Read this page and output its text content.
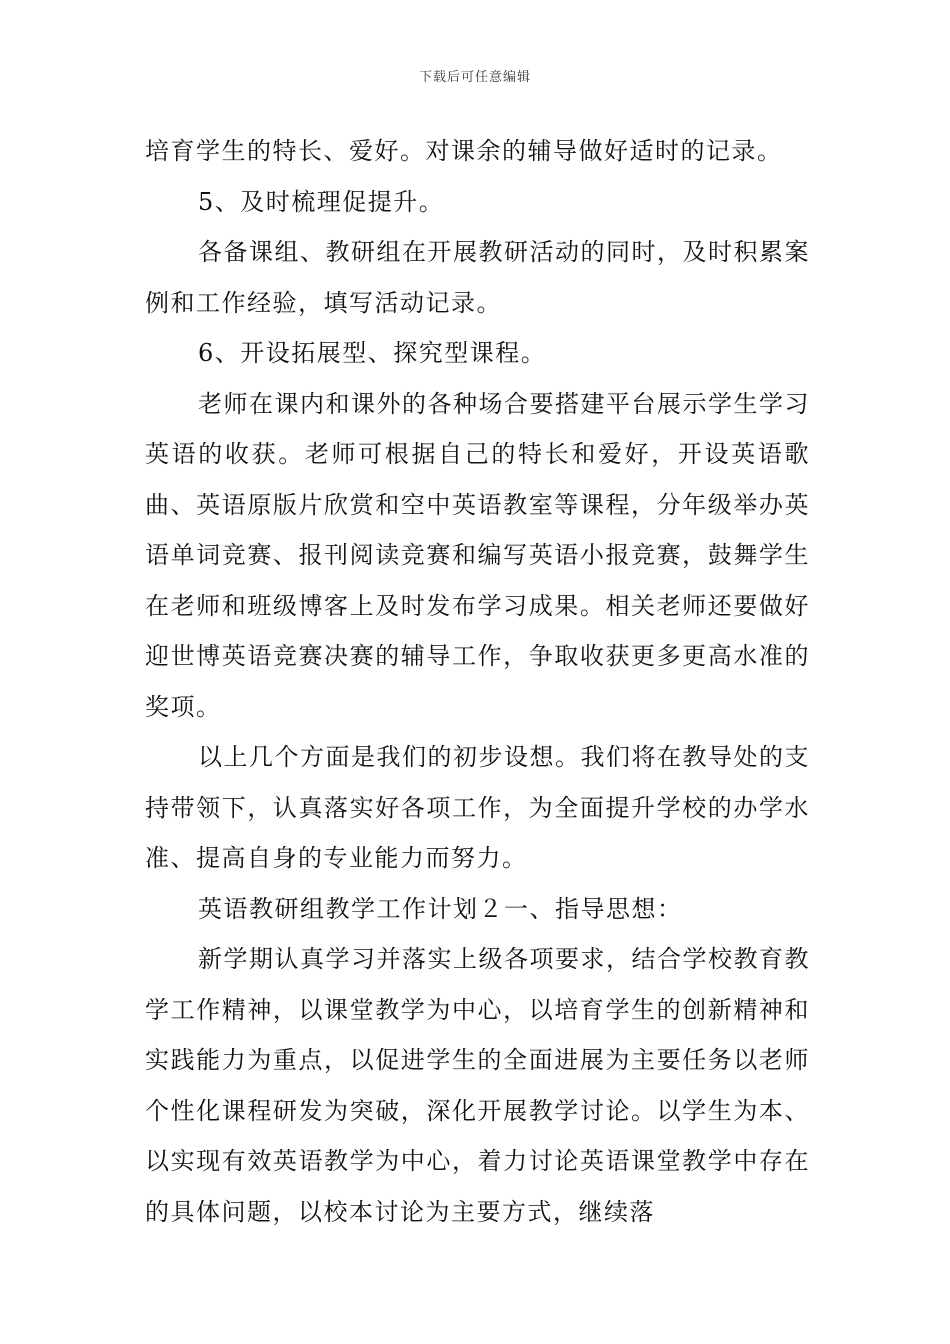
下载后可任意编辑

培育学生的特长、爱好。对课余的辅导做好适时的记录。

5、及时梳理促提升。

各备课组、教研组在开展教研活动的同时，及时积累案例和工作经验，填写活动记录。

6、开设拓展型、探究型课程。

老师在课内和课外的各种场合要搭建平台展示学生学习英语的收获。老师可根据自己的特长和爱好，开设英语歌曲、英语原版片欣赏和空中英语教室等课程，分年级举办英语单词竞赛、报刊阅读竞赛和编写英语小报竞赛，鼓舞学生在老师和班级博客上及时发布学习成果。相关老师还要做好迎世博英语竞赛决赛的辅导工作，争取收获更多更高水准的奖项。

以上几个方面是我们的初步设想。我们将在教导处的支持带领下，认真落实好各项工作，为全面提升学校的办学水准、提高自身的专业能力而努力。

英语教研组教学工作计划２一、指导思想：

新学期认真学习并落实上级各项要求，结合学校教育教学工作精神，以课堂教学为中心，以培育学生的创新精神和实践能力为重点，以促进学生的全面进展为主要任务以老师个性化课程研发为突破，深化开展教学讨论。以学生为本、以实现有效英语教学为中心，着力讨论英语课堂教学中存在的具体问题，以校本讨论为主要方式，继续落
